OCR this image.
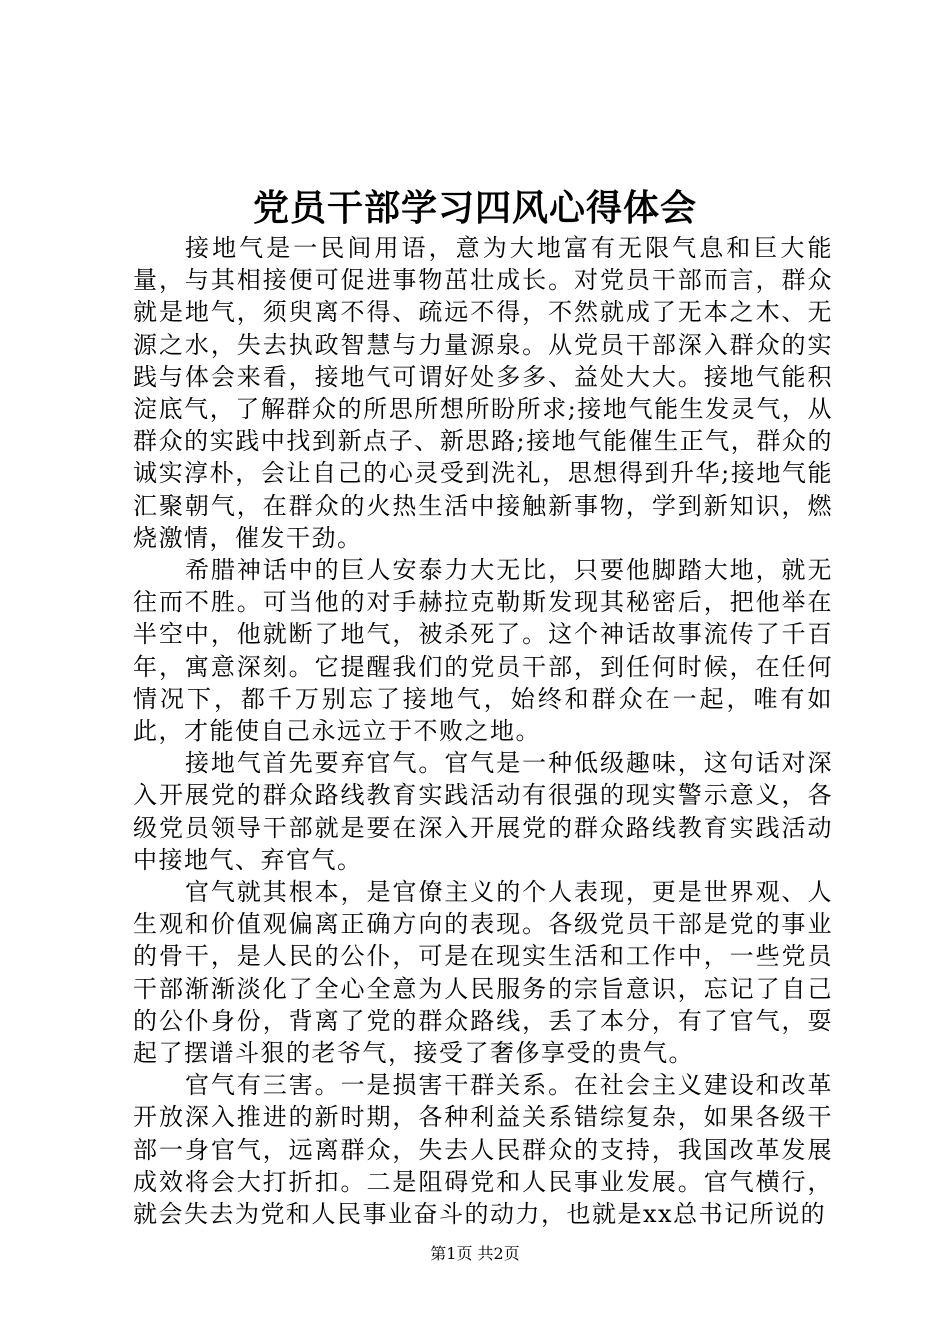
党员干部学习四风心得体会

接地气是一民间用语，意为大地富有无限气息和巨大能量，与其相接便可促进事物茁壮成长。对党员干部而言，群众就是地气，须臾离不得、疏远不得，不然就成了无本之木、无源之水，失去执政智慧与力量源泉。从党员干部深入群众的实践与体会来看，接地气可谓好处多多、益处大大。接地气能积淀底气，了解群众的所思所想所盼所求;接地气能生发灵气，从群众的实践中找到新点子、新思路;接地气能催生正气，群众的诚实淳朴，会让自己的心灵受到洗礼，思想得到升华;接地气能汇聚朝气，在群众的火热生活中接触新事物，学到新知识，燃烧激情，催发干劲。

希腊神话中的巨人安泰力大无比，只要他脚踏大地，就无往而不胜。可当他的对手赫拉克勒斯发现其秘密后，把他举在半空中，他就断了地气，被杀死了。这个神话故事流传了千百年，寓意深刻。它提醒我们的党员干部，到任何时候，在任何情况下，都千万别忘了接地气，始终和群众在一起，唯有如此，才能使自己永远立于不败之地。

接地气首先要弃官气。官气是一种低级趣味，这句话对深入开展党的群众路线教育实践活动有很强的现实警示意义，各级党员领导干部就是要在深入开展党的群众路线教育实践活动中接地气、弃官气。

官气就其根本，是官僚主义的个人表现，更是世界观、人生观和价值观偏离正确方向的表现。各级党员干部是党的事业的骨干，是人民的公仆，可是在现实生活和工作中，一些党员干部渐渐淡化了全心全意为人民服务的宗旨意识，忘记了自己的公仆身份，背离了党的群众路线，丢了本分，有了官气，耍起了摆谱斗狠的老爷气，接受了奢侈享受的贵气。

官气有三害。一是损害干群关系。在社会主义建设和改革开放深入推进的新时期，各种利益关系错综复杂，如果各级干部一身官气，远离群众，失去人民群众的支持，我国改革发展成效将会大打折扣。二是阻碍党和人民事业发展。官气横行，就会失去为党和人民事业奋斗的动力，也就是xx总书记所说的

第1页 共2页
